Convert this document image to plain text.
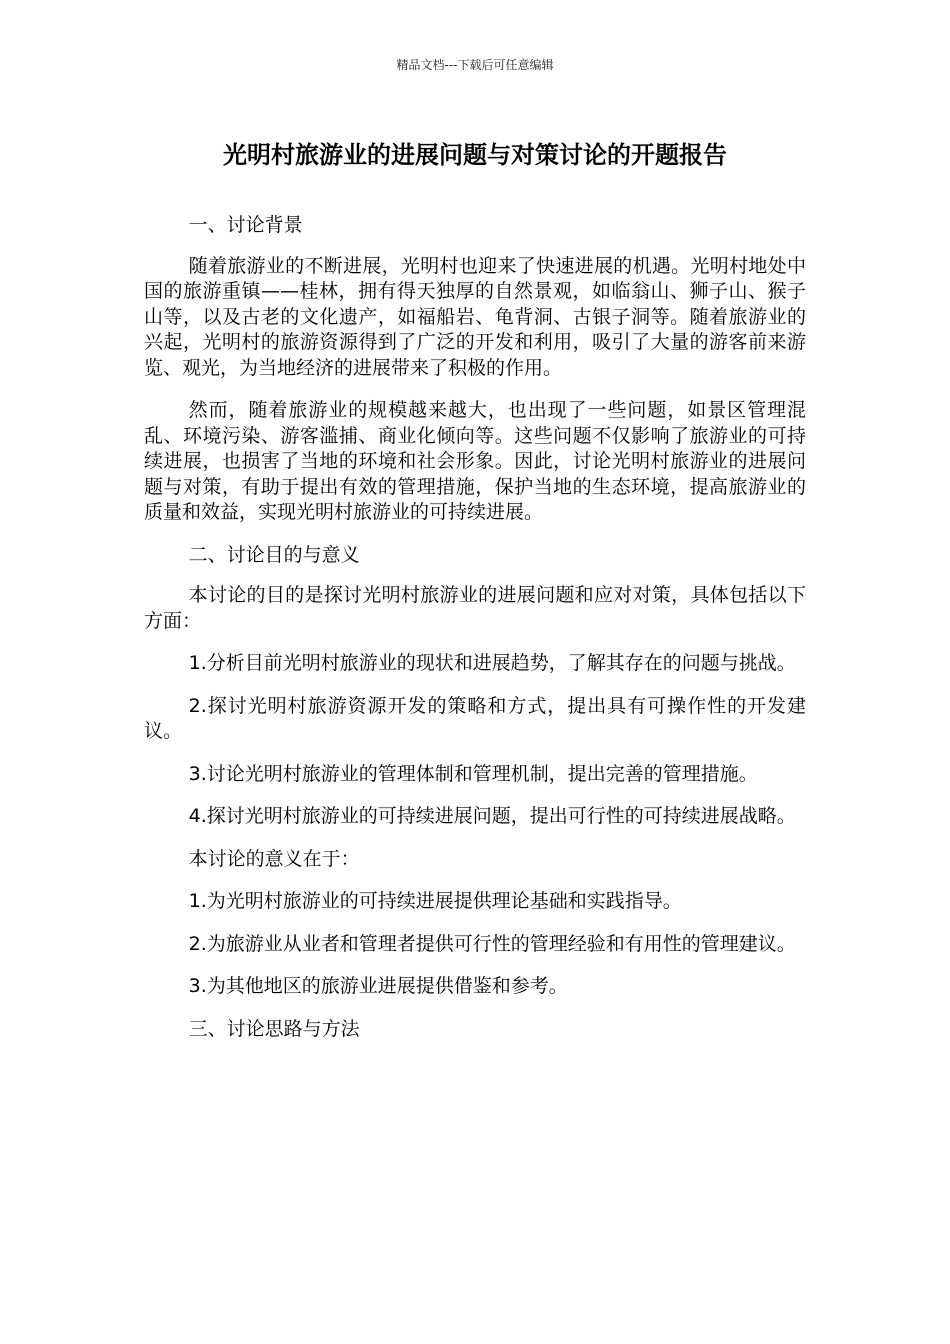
精品文档---下载后可任意编辑
光明村旅游业的进展问题与对策讨论的开题报告

一、讨论背景

随着旅游业的不断进展，光明村也迎来了快速进展的机遇。光明村地处中国的旅游重镇——桂林，拥有得天独厚的自然景观，如临翁山、狮子山、猴子山等，以及古老的文化遗产，如福船岩、龟背洞、古银子洞等。随着旅游业的兴起，光明村的旅游资源得到了广泛的开发和利用，吸引了大量的游客前来游览、观光，为当地经济的进展带来了积极的作用。

然而，随着旅游业的规模越来越大，也出现了一些问题，如景区管理混乱、环境污染、游客滥捕、商业化倾向等。这些问题不仅影响了旅游业的可持续进展，也损害了当地的环境和社会形象。因此，讨论光明村旅游业的进展问题与对策，有助于提出有效的管理措施，保护当地的生态环境，提高旅游业的质量和效益，实现光明村旅游业的可持续进展。

二、讨论目的与意义

本讨论的目的是探讨光明村旅游业的进展问题和应对对策，具体包括以下方面：

1.分析目前光明村旅游业的现状和进展趋势，了解其存在的问题与挑战。

2.探讨光明村旅游资源开发的策略和方式，提出具有可操作性的开发建议。

3.讨论光明村旅游业的管理体制和管理机制，提出完善的管理措施。

4.探讨光明村旅游业的可持续进展问题，提出可行性的可持续进展战略。

本讨论的意义在于：

1.为光明村旅游业的可持续进展提供理论基础和实践指导。

2.为旅游业从业者和管理者提供可行性的管理经验和有用性的管理建议。

3.为其他地区的旅游业进展提供借鉴和参考。

三、讨论思路与方法
